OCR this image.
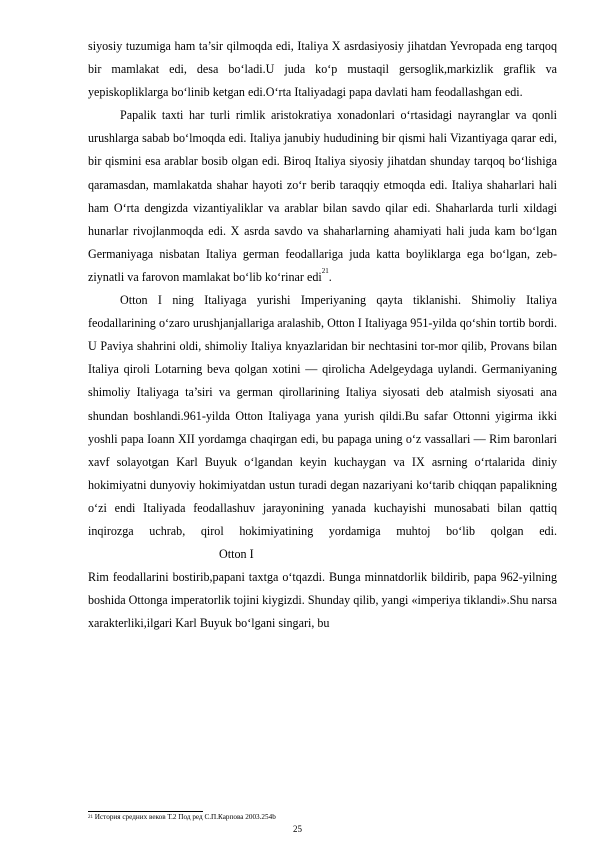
siyosiy tuzumiga ham ta’sir qilmoqda edi, Italiya X asrdasiyosiy jihatdan Yevropada eng tarqoq bir mamlakat edi, desa bo‘ladi.U juda ko‘p mustaqil gersoglik,markizlik graflik va yepiskopliklarga bo‘linib ketgan edi.O‘rta Italiyadagi papa davlati ham feodallashgan edi.

Papalik taxti har turli rimlik aristokratiya xonadonlari o‘rtasidagi nayranglar va qonli urushlarga sabab bo‘lmoqda edi. Italiya janubiy hududining bir qismi hali Vizantiyaga qarar edi, bir qismini esa arablar bosib olgan edi. Biroq Italiya siyosiy jihatdan shunday tarqoq bo‘lishiga qaramasdan, mamlakatda shahar hayoti zo‘r berib taraqqiy etmoqda edi. Italiya shaharlari hali ham O‘rta dengizda vizantiyaliklar va arablar bilan savdo qilar edi. Shaharlarda turli xildagi hunarlar rivojlanmoqda edi. X asrda savdo va shaharlarning ahamiyati hali juda kam bo‘lgan Germaniyaga nisbatan Italiya german feodallariga juda katta boyliklarga ega bo‘lgan, zeb-ziynatli va farovon mamlakat bo‘lib ko‘rinar edi$^{21}$.

Otton I ning Italiyaga yurishi Imperiyaning qayta tiklanishi. Shimoliy Italiya feodallarining o‘zaro urushjanjallariga aralashib, Otton I Italiyaga 951-yilda qo‘shin tortib bordi. U Paviya shahrini oldi, shimoliy Italiya knyazlaridan bir nechtasini tor-mor qilib, Provans bilan Italiya qiroli Lotarning beva qolgan xotini — qirolicha Adelgeydaga uylandi. Germaniyaning shimoliy Italiyaga ta’siri va german qirollarining Italiya siyosati deb atalmish siyosati ana shundan boshlandi.961-yilda Otton Italiyaga yana yurish qildi.Bu safar Ottonni yigirma ikki yoshli papa Ioann XII yordamga chaqirgan edi, bu papaga uning o‘z vassallari — Rim baronlari xavf solayotgan Karl Buyuk o‘lgandan keyin kuchaygan va IX asrning o‘rtalarida diniy hokimiyatni dunyoviy hokimiyatdan ustun turadi degan nazariyani ko‘tarib chiqqan papalikning o‘zi endi Italiyada feodallashuv jarayonining yanada kuchayishi munosabati bilan qattiq inqirozga uchrab, qirol hokimiyatining yordamiga muhtoj bo‘lib qolgan edi.  Otton I

Rim feodallarini bostirib,papani taxtga o‘tqazdi. Bunga minnatdorlik bildirib, papa 962-yilning boshida Ottonga imperatorlik tojini kiygizdi. Shunday qilib, yangi «imperiya tiklandi».Shu narsa xarakterliki,ilgari Karl Buyuk bo‘lgani singari, bu

$^{21}$ История средних веков Т.2 Под ред С.П.Карпова 2003.254b
25
